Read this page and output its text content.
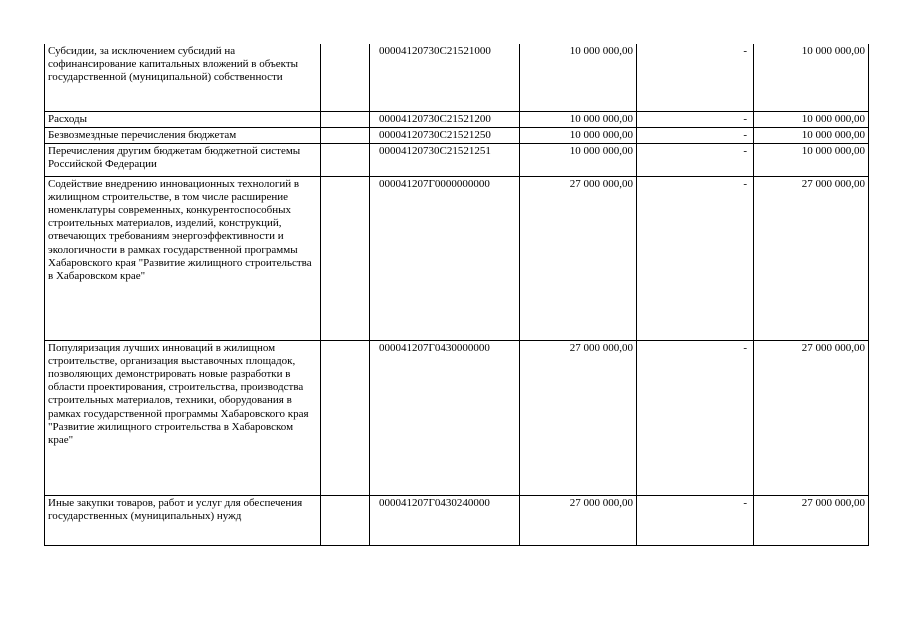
Субсидии, за исключением субсидий на софинансирование капитальных вложений в объекты государственной (муниципальной) собственности		00004120730С21521000	10 000 000,00	-	10 000 000,00
Расходы		00004120730С21521200	10 000 000,00	-	10 000 000,00
Безвозмездные перечисления бюджетам		00004120730С21521250	10 000 000,00	-	10 000 000,00
Перечисления другим бюджетам бюджетной системы Российской Федерации		00004120730С21521251	10 000 000,00	-	10 000 000,00
Содействие внедрению инновационных технологий в жилищном строительстве, в том числе расширение номенклатуры современных, конкурентоспособных строительных материалов, изделий, конструкций, отвечающих требованиям энергоэффективности и экологичности в рамках государственной программы Хабаровского края "Развитие жилищного строительства в Хабаровском крае"		000041207Г0000000000	27 000 000,00	-	27 000 000,00
Популяризация лучших инноваций в жилищном строительстве, организация выставочных площадок, позволяющих демонстрировать новые разработки в области проектирования, строительства, производства строительных материалов, техники, оборудования в рамках государственной программы Хабаровского края "Развитие жилищного строительства в Хабаровском крае"		000041207Г0430000000	27 000 000,00	-	27 000 000,00
Иные закупки товаров, работ и услуг для обеспечения государственных (муниципальных) нужд		000041207Г0430240000	27 000 000,00	-	27 000 000,00
